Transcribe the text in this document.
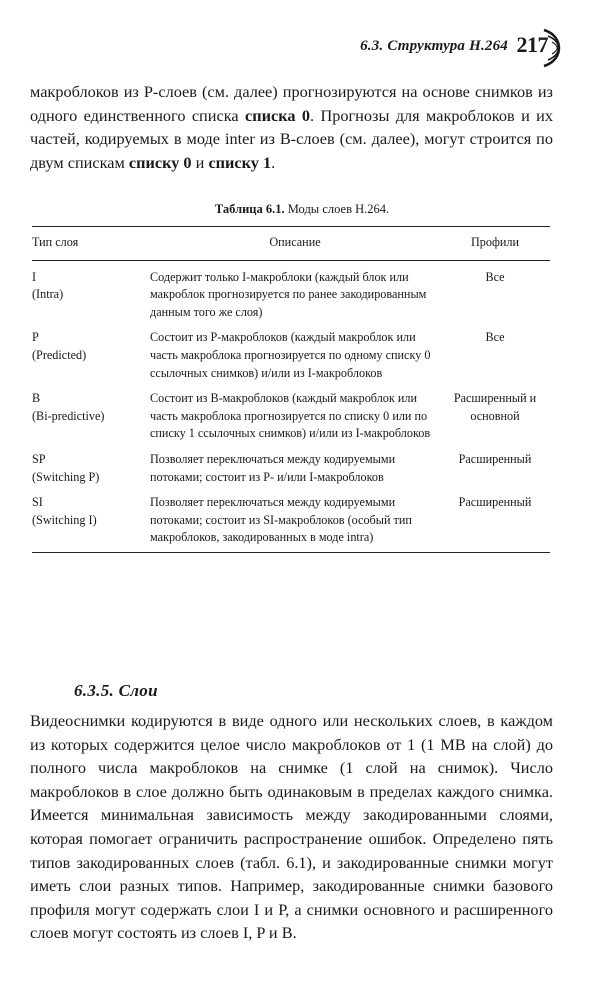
6.3. Структура H.264 217
макроблоков из Р-слоев (см. далее) прогнозируются на основе снимков из одного единственного списка списка 0. Прогнозы для макроблоков и их частей, кодируемых в моде inter из В-слоев (см. далее), могут строится по двум спискам списку 0 и списку 1.
Таблица 6.1. Моды слоев H.264.
Тип слоя	Описание	Профили

I
(Intra)	Содержит только I-макроблоки (каждый блок или макроблок прогнозируется по ранее закодированным данным того же слоя)	Все

P
(Predicted)	Состоит из Р-макроблоков (каждый макроблок или часть макроблока прогнозируется по одному списку 0 ссылочных снимков) и/или из I-макроблоков	Все

B
(Bi-predictive)	Состоит из В-макроблоков (каждый макроблок или часть макроблока прогнозируется по списку 0 или по списку 1 ссылочных снимков) и/или из I-макроблоков	Расширенный и основной

SP
(Switching P)	Позволяет переключаться между кодируемыми потоками; состоит из Р- и/или I-макроблоков	Расширенный

SI
(Switching I)	Позволяет переключаться между кодируемыми потоками; состоит из SI-макроблоков (особый тип макроблоков, закодированных в моде intra)	Расширенный
6.3.5. Слои
Видеоснимки кодируются в виде одного или нескольких слоев, в каждом из которых содержится целое число макроблоков от 1 (1 МВ на слой) до полного числа макроблоков на снимке (1 слой на снимок). Число макроблоков в слое должно быть одинаковым в пределах каждого снимка. Имеется минимальная зависимость между закодированными слоями, которая помогает ограничить распространение ошибок. Определено пять типов закодированных слоев (табл. 6.1), и закодированные снимки могут иметь слои разных типов. Например, закодированные снимки базового профиля могут содержать слои I и Р, а снимки основного и расширенного слоев могут состоять из слоев I, P и B.
